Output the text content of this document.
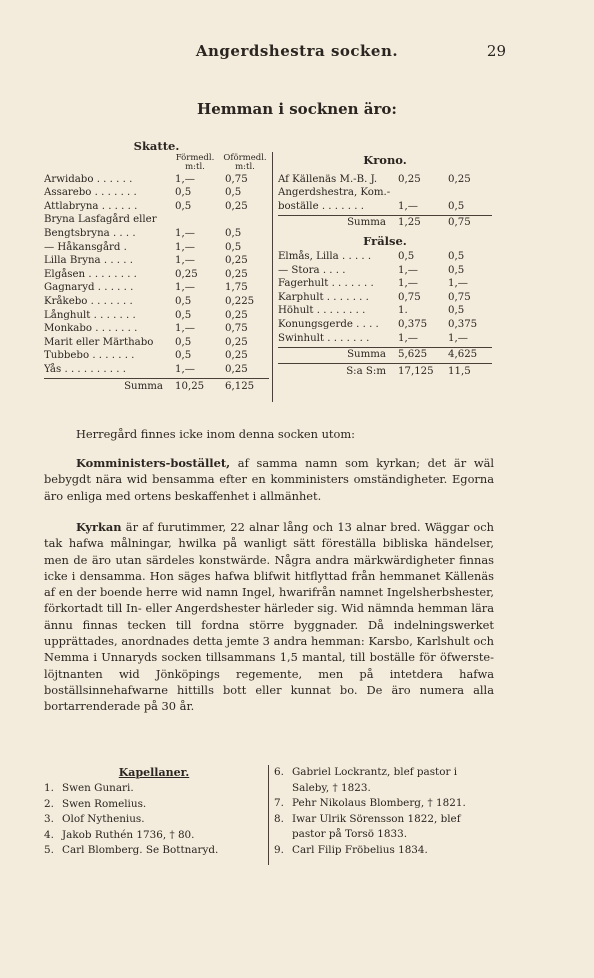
Angerdshestra socken.	29
Hemman i socknen äro:
Skatte.
Förmedl. m:tl.
Oförmedl. m:tl.
Arwidabo . . . . . .	1,—	0,75
Assarebo . . . . . . .	0,5	0,5
Attlabrynа . . . . . .	0,5	0,25
Brynа Lasfagård eller
Bengtsbrynа . . . .	1,—	0,5
— Håkansgård .	1,—	0,5
Lilla Brynа . . . . .	1,—	0,25
Elgåsen . . . . . . . .	0,25	0,25
Gagnaryd . . . . . .	1,—	1,75
Kråkebo . . . . . . .	0,5	0,225
Långhult . . . . . . .	0,5	0,25
Monkabo . . . . . . .	1,—	0,75
Marit eller Märthabo	0,5	0,25
Tubbebo . . . . . . .	0,5	0,25
Yås . . . . . . . . . .	1,—	0,25
Summa	10,25	6,125
Krono.
Af Källenäs M.-B. J.	0,25	0,25
Angerdshestra, Kom.-
boställe . . . . . . .	1,—	0,5
Summa	1,25	0,75
Frälse.
Elmås, Lilla . . . . .	0,5	0,5
— Stora . . . .	1,—	0,5
Fagerhult . . . . . . .	1,—	1,—
Karphult . . . . . . .	0,75	0,75
Höhult . . . . . . . .	1.	0,5
Konungsgerde . . . .	0,375	0,375
Swinhult . . . . . . .	1,—	1,—
Summa	5,625	4,625
S:a S:m	17,125	11,5

Herregård finnes icke inom denna socken utom:

Komministers-bostället, af samma namn som kyrkan; det är wäl bebygdt nära wid bensamma efter en komministers omständigheter. Egorna äro enliga med ortens beskaffenhet i allmänhet.

Kyrkan är af furutimmer, 22 alnar lång och 13 alnar bred. Wäggar och tak hafwa målningar, hwilka på wanligt sätt föreställa bibliska händelser, men de äro utan särdeles konstwärde. Några andra märkwärdigheter finnas icke i densamma. Hon säges hafwa blifwit hitflyttad från hemmanet Källenäs af en der boende herre wid namn Ingel, hwarifrån namnet Ingelsherbshester, förkortadt till In- eller Angerdshester härleder sig. Wid nämnda hemman lära ännu finnas tecken till fordna större byggnader. Då indelningswerket upprättades, anordnades detta jemte 3 andra hemman: Karsbo, Karlshult och Nemma i Unnaryds socken tillsammans 1,5 mantal, till boställe för öfwerste-löjtnanten wid Jönköpings regemente, men på intetdera hafwa boställsinnehafwarne hittills bott eller kunnat bo. De äro numera alla bortarrenderade på 30 år.

Kapellaner.
1. Swen Gunari.
2. Swen Romelius.
3. Olof Nythenius.
4. Jakob Ruthén 1736, † 80.
5. Carl Blomberg. Se Bottnaryd.
6. Gabriel Lockrantz, blef pastor i Saleby, † 1823.
7. Pehr Nikolaus Blomberg, † 1821.
8. Iwar Ulrik Sörensson 1822, blef pastor på Torsö 1833.
9. Carl Filip Fröbelius 1834.
